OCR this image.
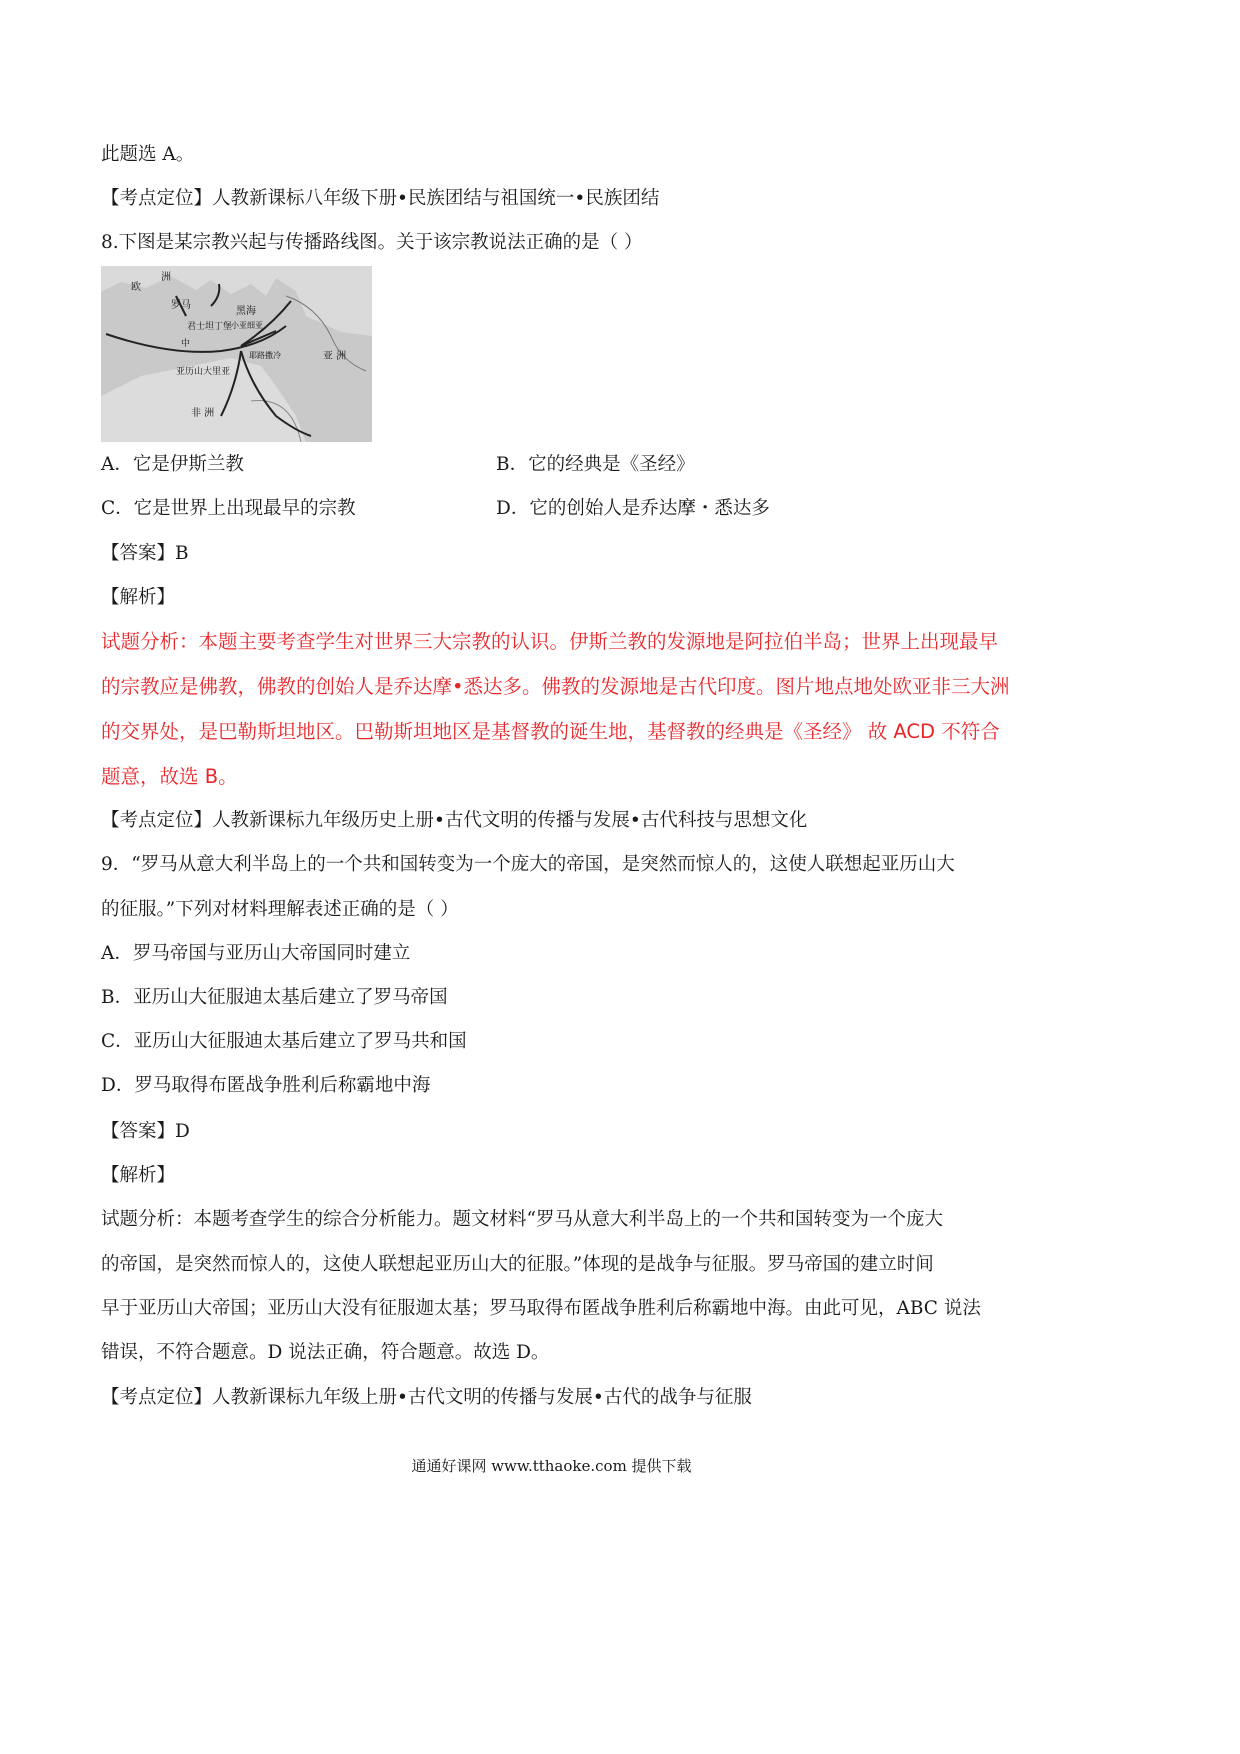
此题选 A。
【考点定位】人教新课标八年级下册•民族团结与祖国统一•民族团结
8.下图是某宗教兴起与传播路线图。关于该宗教说法正确的是（ ）
欧
洲
罗马
黑海
君士坦丁堡
小亚细亚
中
耶路撒冷
亚历山大里亚
亚 洲
非 洲
A．它是伊斯兰教	B．它的经典是《圣经》
C．它是世界上出现最早的宗教	D．它的创始人是乔达摩・悉达多
【答案】B
【解析】
试题分析：本题主要考查学生对世界三大宗教的认识。伊斯兰教的发源地是阿拉伯半岛；世界上出现最早
的宗教应是佛教，佛教的创始人是乔达摩•悉达多。佛教的发源地是古代印度。图片地点地处欧亚非三大洲
的交界处，是巴勒斯坦地区。巴勒斯坦地区是基督教的诞生地，基督教的经典是《圣经》 故 ACD 不符合
题意，故选 B。
【考点定位】人教新课标九年级历史上册•古代文明的传播与发展•古代科技与思想文化
9．“罗马从意大利半岛上的一个共和国转变为一个庞大的帝国，是突然而惊人的，这使人联想起亚历山大
的征服。”下列对材料理解表述正确的是（ ）
A．罗马帝国与亚历山大帝国同时建立
B．亚历山大征服迪太基后建立了罗马帝国
C．亚历山大征服迪太基后建立了罗马共和国
D．罗马取得布匿战争胜利后称霸地中海
【答案】D
【解析】
试题分析：本题考查学生的综合分析能力。题文材料“罗马从意大利半岛上的一个共和国转变为一个庞大
的帝国，是突然而惊人的，这使人联想起亚历山大的征服。”体现的是战争与征服。罗马帝国的建立时间
早于亚历山大帝国；亚历山大没有征服迦太基；罗马取得布匿战争胜利后称霸地中海。由此可见，ABC 说法
错误，不符合题意。D 说法正确，符合题意。故选 D。
【考点定位】人教新课标九年级上册•古代文明的传播与发展•古代的战争与征服
通通好课网 www.tthaoke.com 提供下载
